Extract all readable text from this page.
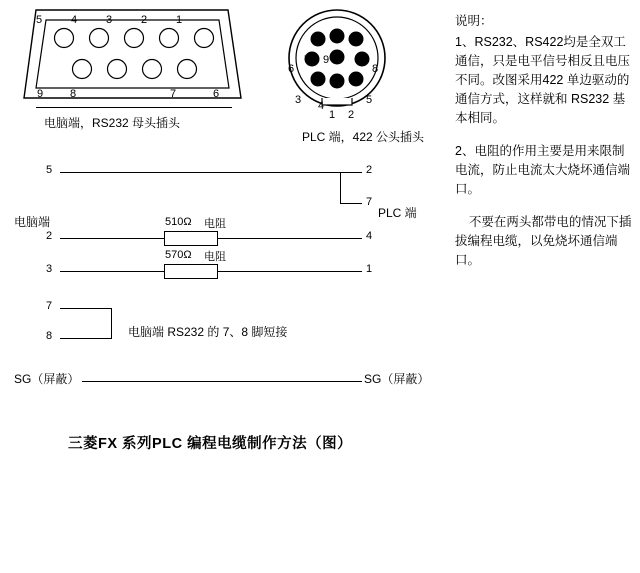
5	4	3	2	1
9 8	7	6
电脑端，RS232 母头插头
7
6
9
8
3 4	5
1 2
PLC 端，422 公头插头
说明：
1、RS232、RS422均是全双工通信，只是电平信号相反且电压不同。改图采用422 单边驱动的通信方式，这样就和 RS232 基本相同。
2、电阻的作用主要是用来限制电流，防止电流太大烧坏通信端口。
不要在两头都带电的情况下插拔编程电缆，以免烧坏通信端口。
电脑端
PLC 端
5	2
7
2	4
510Ω 电阻
3	1
570Ω 电阻
7
8	电脑端 RS232 的 7、8 脚短接
SG（屏蔽）	SG（屏蔽）
三菱FX 系列PLC 编程电缆制作方法（图）
